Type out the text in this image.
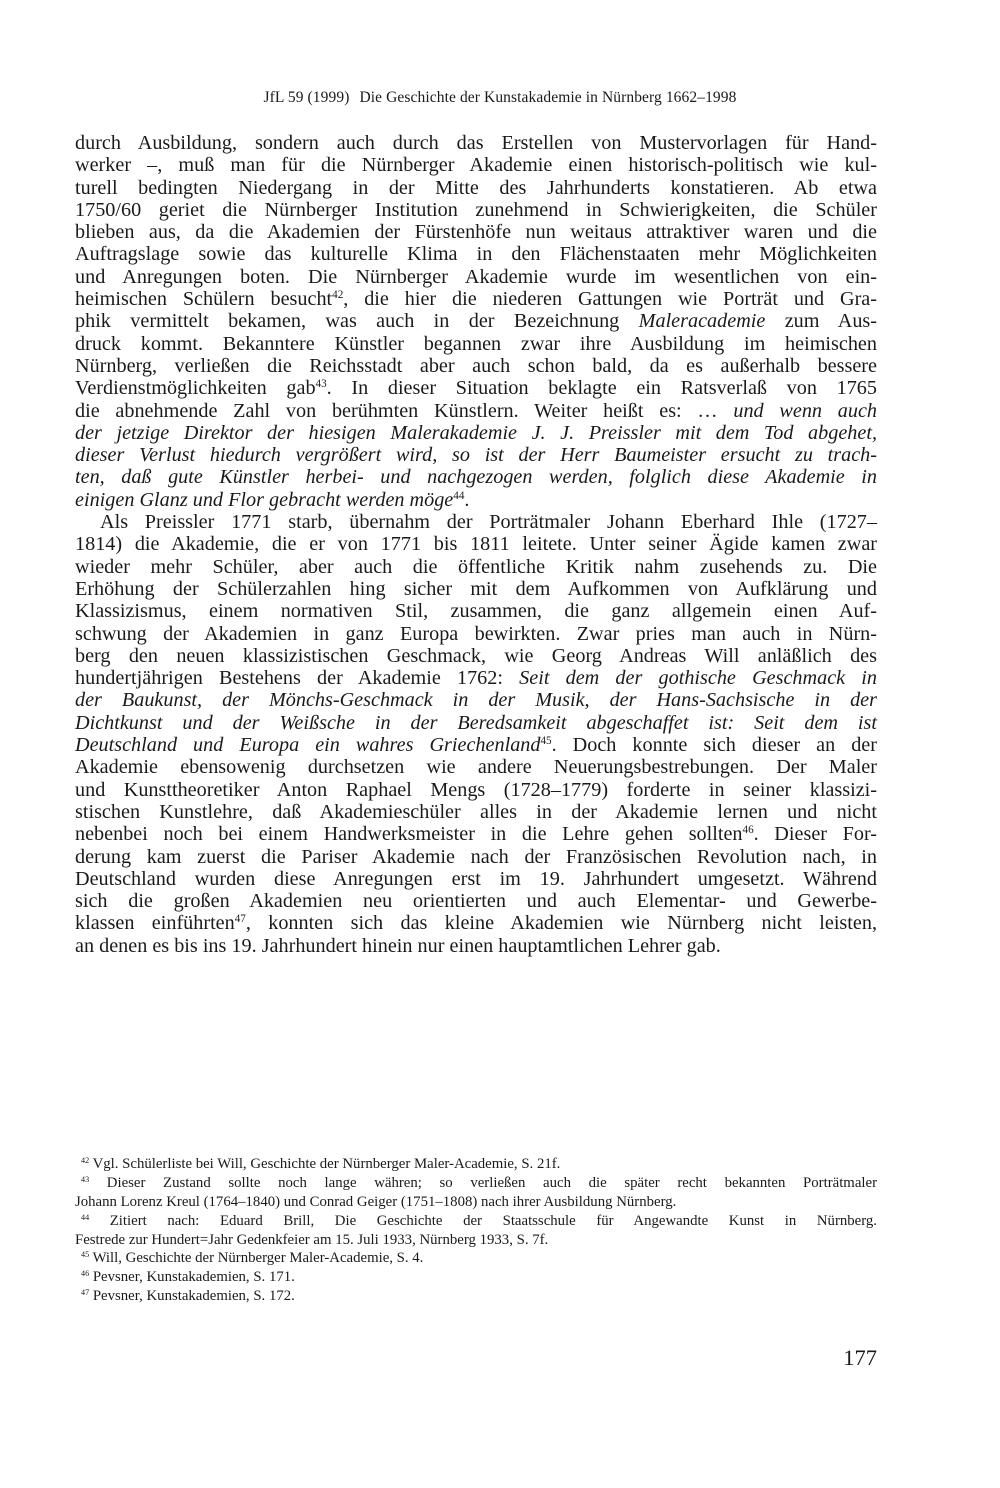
JfL 59 (1999) Die Geschichte der Kunstakademie in Nürnberg 1662–1998
durch Ausbildung, sondern auch durch das Erstellen von Mustervorlagen für Hand-
werker –, muß man für die Nürnberger Akademie einen historisch-politisch wie kul-
turell bedingten Niedergang in der Mitte des Jahrhunderts konstatieren. Ab etwa
1750/60 geriet die Nürnberger Institution zunehmend in Schwierigkeiten, die Schüler
blieben aus, da die Akademien der Fürstenhöfe nun weitaus attraktiver waren und die
Auftragslage sowie das kulturelle Klima in den Flächenstaaten mehr Möglichkeiten
und Anregungen boten. Die Nürnberger Akademie wurde im wesentlichen von ein-
heimischen Schülern besucht$^{42}$, die hier die niederen Gattungen wie Porträt und Gra-
phik vermittelt bekamen, was auch in der Bezeichnung Maleracademie zum Aus-
druck kommt. Bekanntere Künstler begannen zwar ihre Ausbildung im heimischen
Nürnberg, verließen die Reichsstadt aber auch schon bald, da es außerhalb bessere
Verdienstmöglichkeiten gab$^{43}$. In dieser Situation beklagte ein Ratsverlaß von 1765
die abnehmende Zahl von berühmten Künstlern. Weiter heißt es: … und wenn auch
der jetzige Direktor der hiesigen Malerakademie J. J. Preissler mit dem Tod abgehet,
dieser Verlust hiedurch vergrößert wird, so ist der Herr Baumeister ersucht zu trach-
ten, daß gute Künstler herbei- und nachgezogen werden, folglich diese Akademie in
einigen Glanz und Flor gebracht werden möge$^{44}$.
Als Preissler 1771 starb, übernahm der Porträtmaler Johann Eberhard Ihle (1727–
1814) die Akademie, die er von 1771 bis 1811 leitete. Unter seiner Ägide kamen zwar
wieder mehr Schüler, aber auch die öffentliche Kritik nahm zusehends zu. Die
Erhöhung der Schülerzahlen hing sicher mit dem Aufkommen von Aufklärung und
Klassizismus, einem normativen Stil, zusammen, die ganz allgemein einen Auf-
schwung der Akademien in ganz Europa bewirkten. Zwar pries man auch in Nürn-
berg den neuen klassizistischen Geschmack, wie Georg Andreas Will anläßlich des
hundertjährigen Bestehens der Akademie 1762: Seit dem der gothische Geschmack in
der Baukunst, der Mönchs-Geschmack in der Musik, der Hans-Sachsische in der
Dichtkunst und der Weißsche in der Beredsamkeit abgeschaffet ist: Seit dem ist
Deutschland und Europa ein wahres Griechenland$^{45}$. Doch konnte sich dieser an der
Akademie ebensowenig durchsetzen wie andere Neuerungsbestrebungen. Der Maler
und Kunsttheoretiker Anton Raphael Mengs (1728–1779) forderte in seiner klassizi-
stischen Kunstlehre, daß Akademieschüler alles in der Akademie lernen und nicht
nebenbei noch bei einem Handwerksmeister in die Lehre gehen sollten$^{46}$. Dieser For-
derung kam zuerst die Pariser Akademie nach der Französischen Revolution nach, in
Deutschland wurden diese Anregungen erst im 19. Jahrhundert umgesetzt. Während
sich die großen Akademien neu orientierten und auch Elementar- und Gewerbe-
klassen einführten$^{47}$, konnten sich das kleine Akademien wie Nürnberg nicht leisten,
an denen es bis ins 19. Jahrhundert hinein nur einen hauptamtlichen Lehrer gab.
$^{42}$ Vgl. Schülerliste bei Will, Geschichte der Nürnberger Maler-Academie, S. 21f.
$^{43}$ Dieser Zustand sollte noch lange währen; so verließen auch die später recht bekannten Porträtmaler
Johann Lorenz Kreul (1764–1840) und Conrad Geiger (1751–1808) nach ihrer Ausbildung Nürnberg.
$^{44}$ Zitiert nach: Eduard Brill, Die Geschichte der Staatsschule für Angewandte Kunst in Nürnberg.
Festrede zur Hundert=Jahr Gedenkfeier am 15. Juli 1933, Nürnberg 1933, S. 7f.
$^{45}$ Will, Geschichte der Nürnberger Maler-Academie, S. 4.
$^{46}$ Pevsner, Kunstakademien, S. 171.
$^{47}$ Pevsner, Kunstakademien, S. 172.
177
